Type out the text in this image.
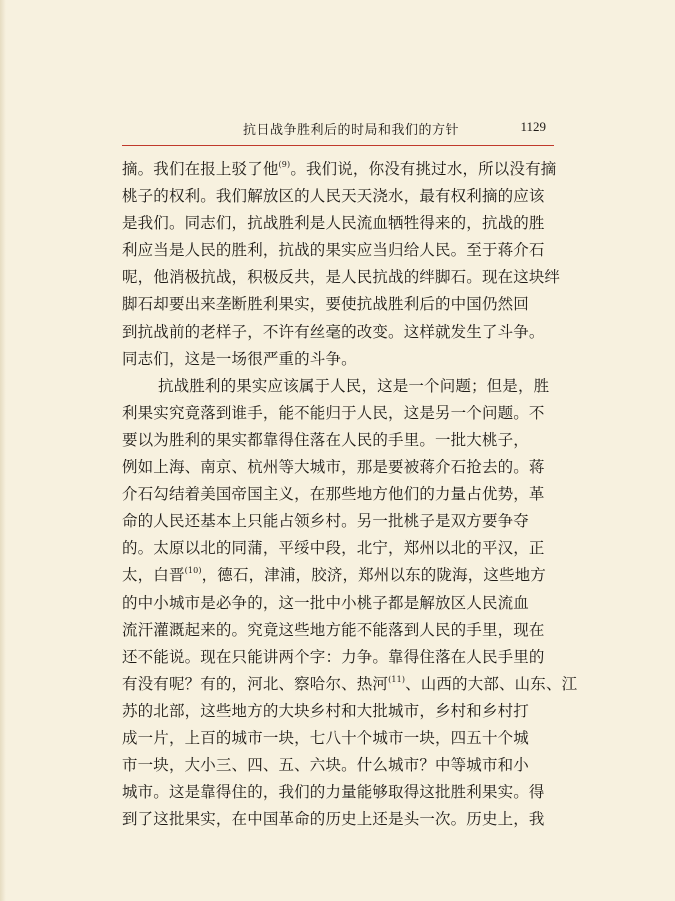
抗日战争胜利后的时局和我们的方针	1129
摘。我们在报上驳了他$^{(9)}$。我们说，你没有挑过水，所以没有摘
桃子的权利。我们解放区的人民天天浇水，最有权利摘的应该
是我们。同志们，抗战胜利是人民流血牺牲得来的，抗战的胜
利应当是人民的胜利，抗战的果实应当归给人民。至于蒋介石
呢，他消极抗战，积极反共，是人民抗战的绊脚石。现在这块绊
脚石却要出来垄断胜利果实，要使抗战胜利后的中国仍然回
到抗战前的老样子，不许有丝毫的改变。这样就发生了斗争。
同志们，这是一场很严重的斗争。
抗战胜利的果实应该属于人民，这是一个问题；但是，胜
利果实究竟落到谁手，能不能归于人民，这是另一个问题。不
要以为胜利的果实都靠得住落在人民的手里。一批大桃子，
例如上海、南京、杭州等大城市，那是要被蒋介石抢去的。蒋
介石勾结着美国帝国主义，在那些地方他们的力量占优势，革
命的人民还基本上只能占领乡村。另一批桃子是双方要争夺
的。太原以北的同蒲，平绥中段，北宁，郑州以北的平汉，正
太，白晋$^{(10)}$，德石，津浦，胶济，郑州以东的陇海，这些地方
的中小城市是必争的，这一批中小桃子都是解放区人民流血
流汗灌溉起来的。究竟这些地方能不能落到人民的手里，现在
还不能说。现在只能讲两个字：力争。靠得住落在人民手里的
有没有呢？有的，河北、察哈尔、热河$^{(11)}$、山西的大部、山东、江
苏的北部，这些地方的大块乡村和大批城市，乡村和乡村打
成一片，上百的城市一块，七八十个城市一块，四五十个城
市一块，大小三、四、五、六块。什么城市？中等城市和小
城市。这是靠得住的，我们的力量能够取得这批胜利果实。得
到了这批果实，在中国革命的历史上还是头一次。历史上，我
